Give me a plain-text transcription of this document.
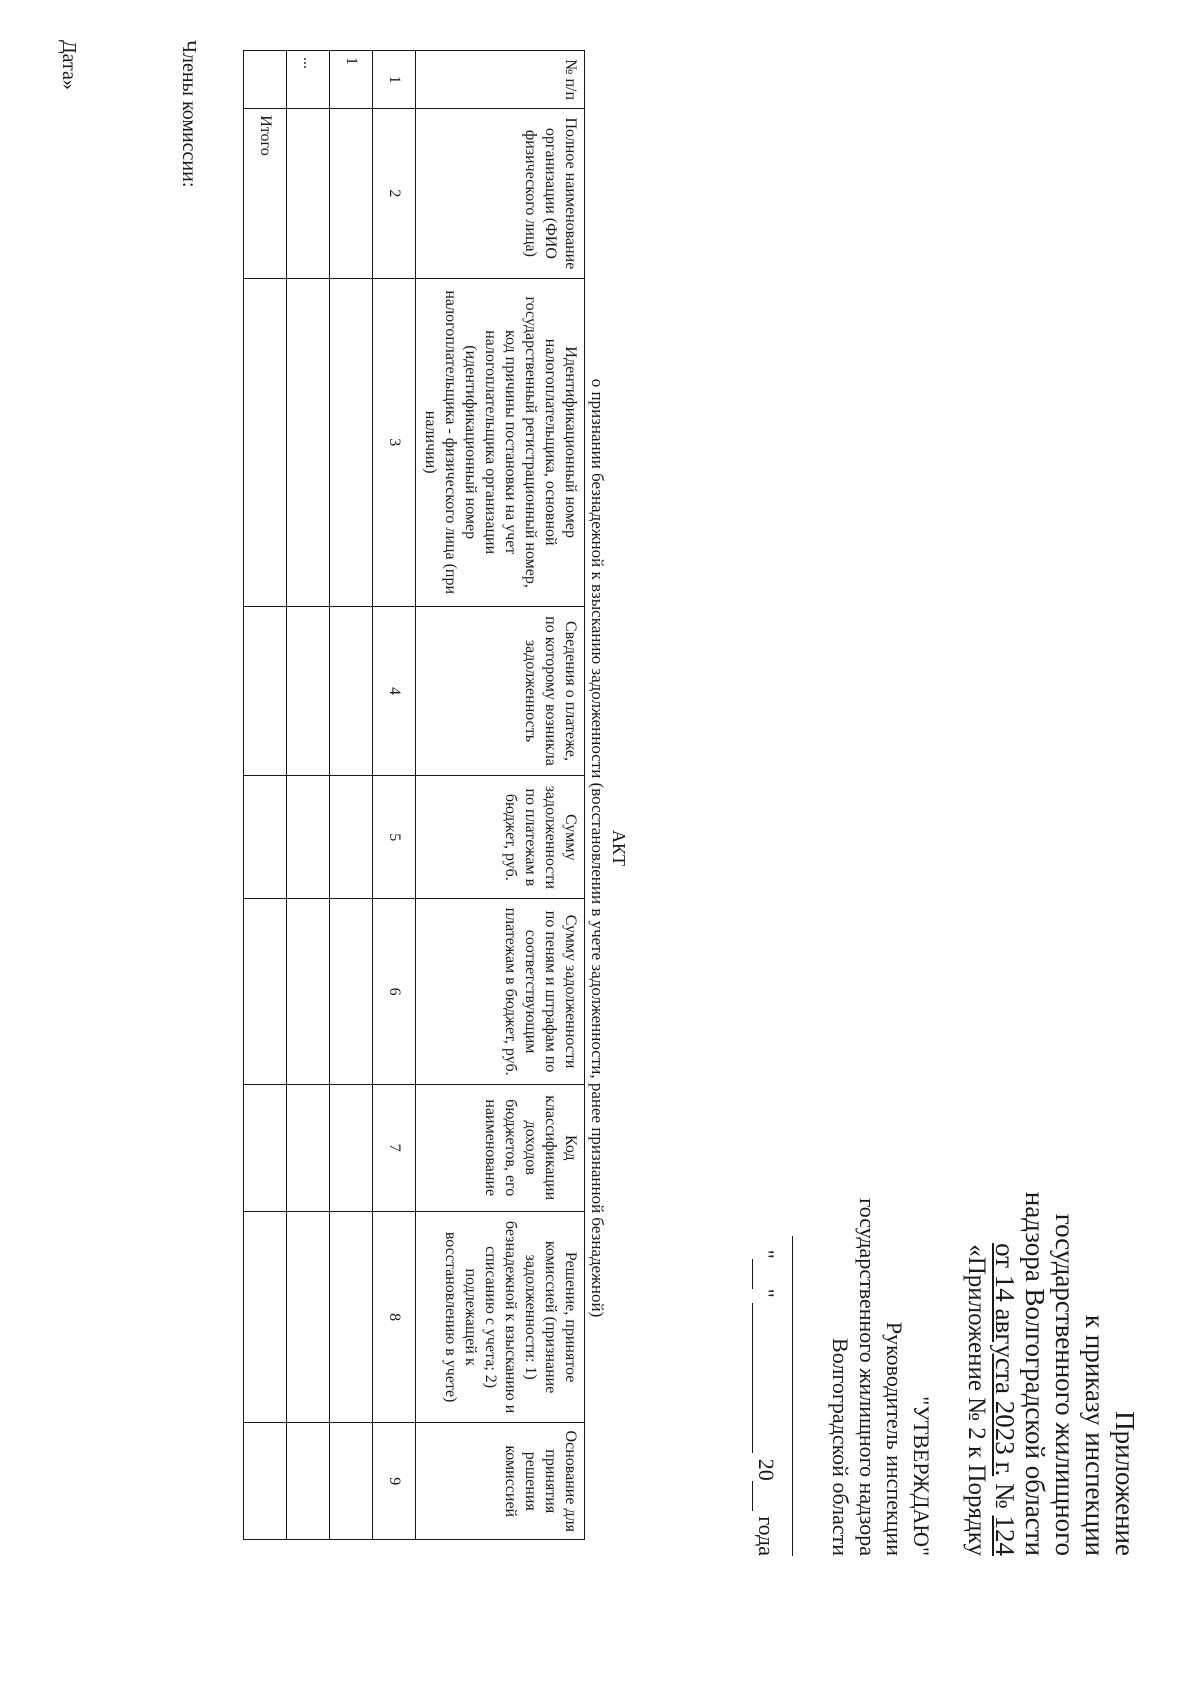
Приложение
к приказу инспекции
государственного жилищного
надзора Волгоградской области
от 14 августа 2023 г. № 124
«Приложение № 2 к Порядку
"УТВЕРЖДАЮ"
Руководитель инспекции
государственного жилищного надзора
Волгоградской области
" "   20  года
АКТ
о признании безнадежной к взысканию задолженности (восстановлении в учете задолженности, ранее признанной безнадежной)
№ п/п	Полное наименование организации (ФИО физического лица)	Идентификационный номер налогоплательщика, основной государственный регистрационный номер, код причины постановки на учет налогоплательщика организации (идентификационный номер налогоплательщика - физического лица (при наличии)	Сведения о платеже, по которому возникла задолженность	Сумму задолженности по платежам в бюджет, руб.	Сумму задолженности по пеням и штрафам по соответствующим платежам в бюджет, руб.	Код классификации доходов бюджетов, его наименование	Решение, принятое комиссией (признание задолженности: 1) безнадежной к взысканию и списанию с учета; 2) подлежащей к восстановлению в учете)	Основание для принятия решения комиссией
1	2	3	4	5	6	7	8	9
1								
...								
	Итого							
Члены комиссии:
Дата»
